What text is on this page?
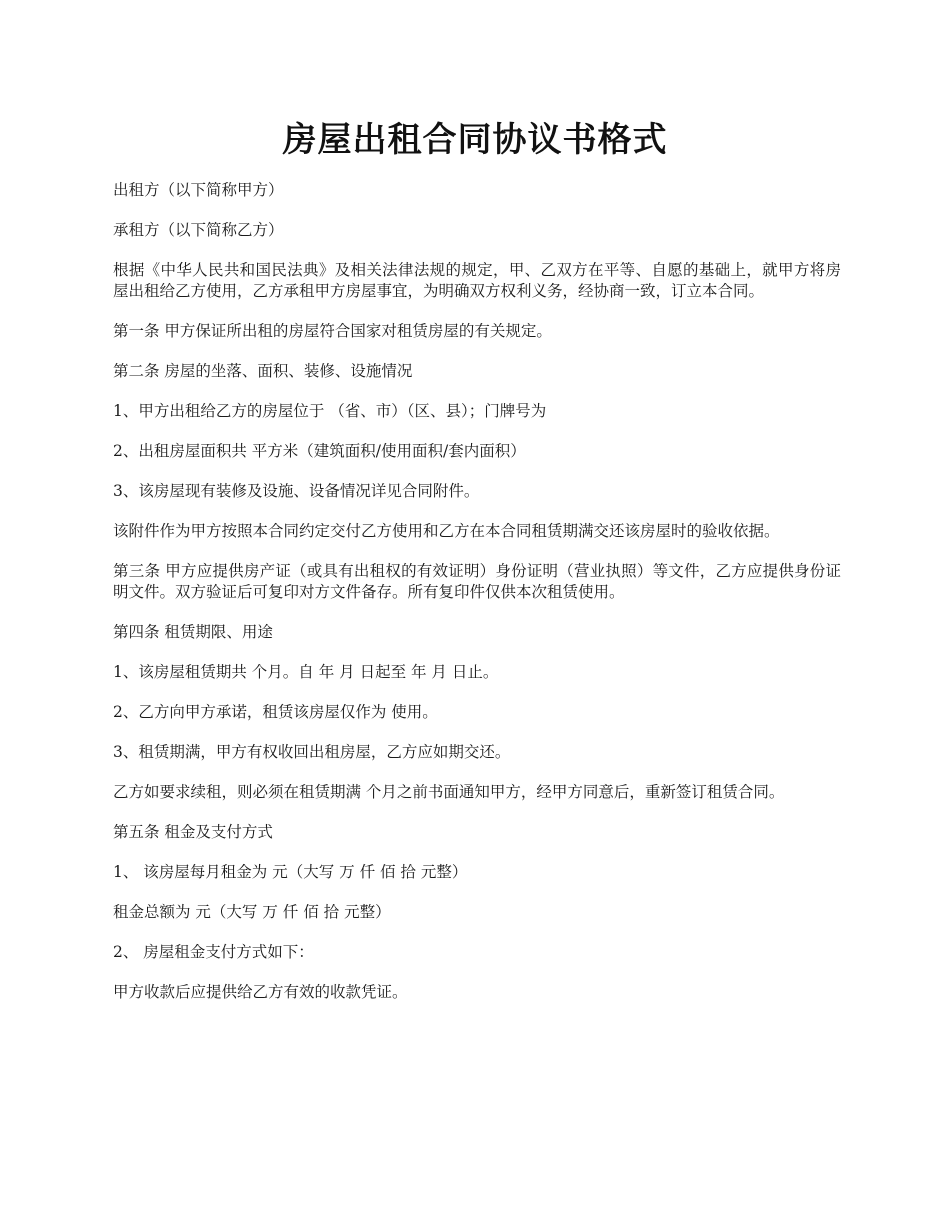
房屋出租合同协议书格式

出租方（以下简称甲方）

承租方（以下简称乙方）

根据《中华人民共和国民法典》及相关法律法规的规定，甲、乙双方在平等、自愿的基础上，就甲方将房屋出租给乙方使用，乙方承租甲方房屋事宜，为明确双方权利义务，经协商一致，订立本合同。

第一条 甲方保证所出租的房屋符合国家对租赁房屋的有关规定。

第二条 房屋的坐落、面积、装修、设施情况

1、甲方出租给乙方的房屋位于 （省、市）（区、县）；门牌号为

2、出租房屋面积共 平方米（建筑面积/使用面积/套内面积）

3、该房屋现有装修及设施、设备情况详见合同附件。

该附件作为甲方按照本合同约定交付乙方使用和乙方在本合同租赁期满交还该房屋时的验收依据。

第三条 甲方应提供房产证（或具有出租权的有效证明）身份证明（营业执照）等文件，乙方应提供身份证明文件。双方验证后可复印对方文件备存。所有复印件仅供本次租赁使用。

第四条 租赁期限、用途

1、该房屋租赁期共 个月。自 年 月 日起至 年 月 日止。

2、乙方向甲方承诺，租赁该房屋仅作为 使用。

3、租赁期满，甲方有权收回出租房屋，乙方应如期交还。

乙方如要求续租，则必须在租赁期满 个月之前书面通知甲方，经甲方同意后，重新签订租赁合同。

第五条 租金及支付方式

1、 该房屋每月租金为 元（大写 万 仟 佰 拾 元整）

租金总额为 元（大写 万 仟 佰 拾 元整）

2、 房屋租金支付方式如下：

甲方收款后应提供给乙方有效的收款凭证。
